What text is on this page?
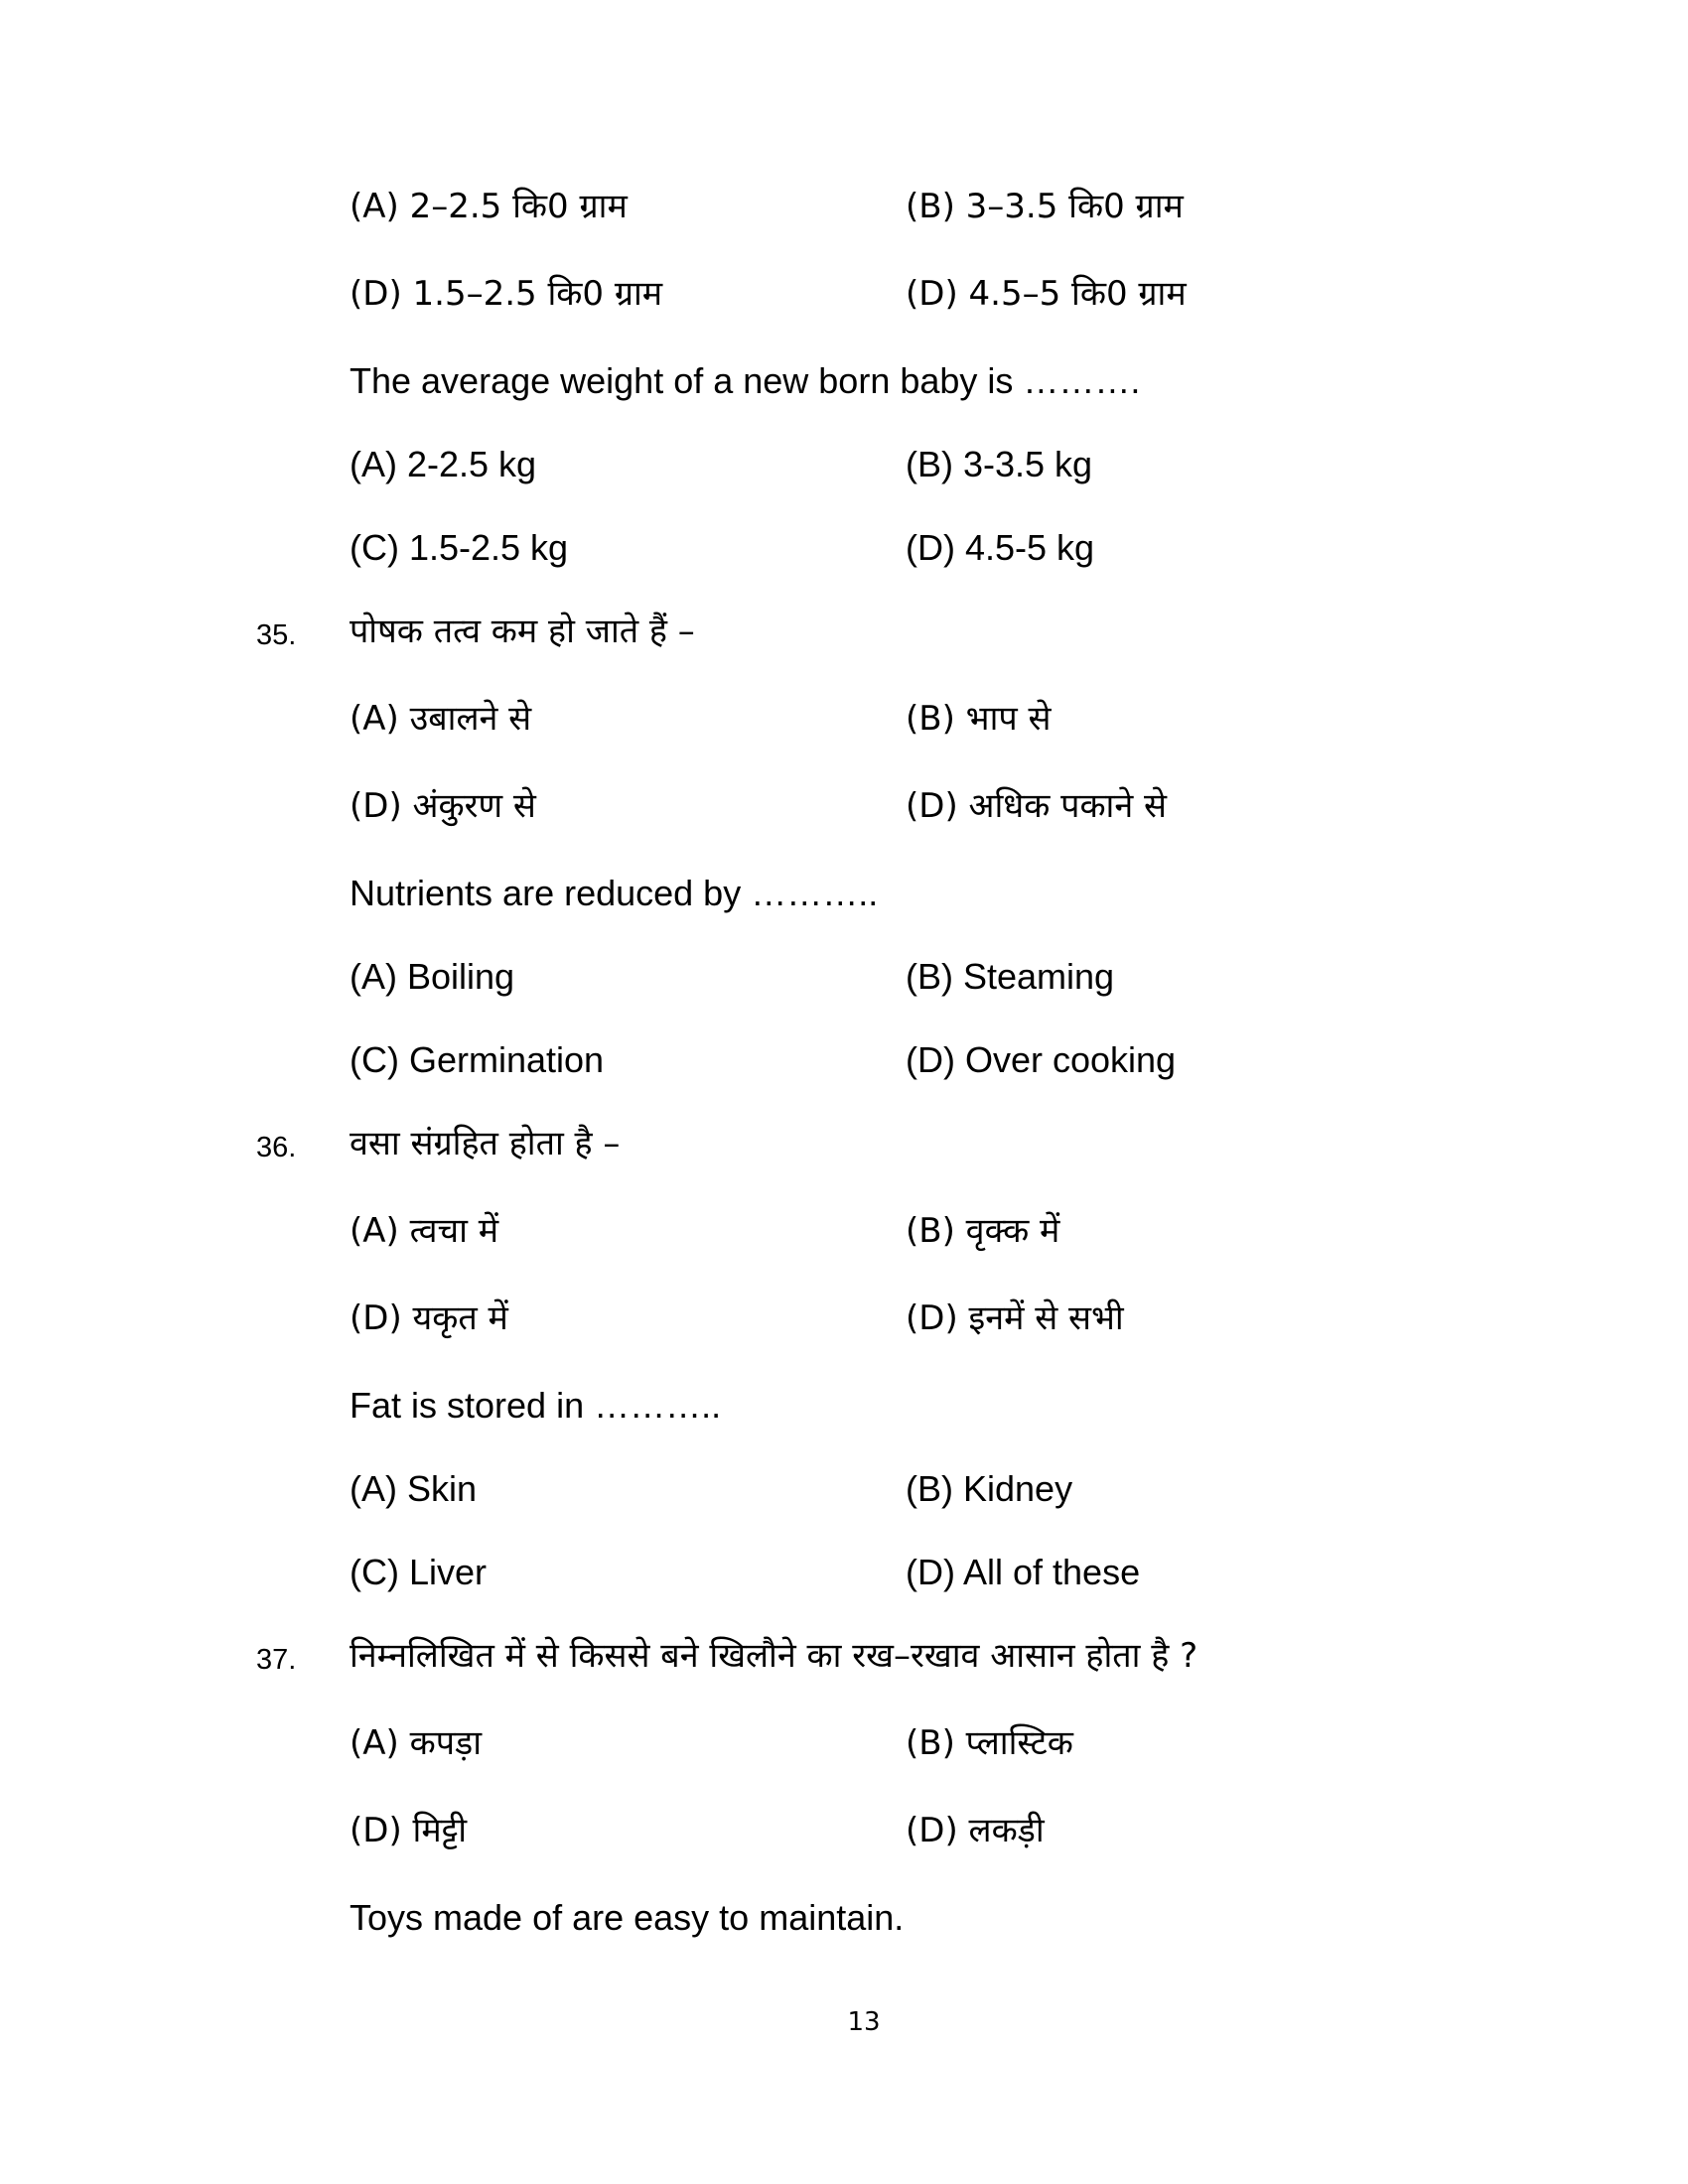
(A) 2–2.5 कि0 ग्राम	(B) 3–3.5 कि0 ग्राम
(D) 1.5–2.5 कि0 ग्राम	(D) 4.5–5 कि0 ग्राम
The average weight of a new born baby is ……….
(A) 2-2.5 kg	(B) 3-3.5 kg
(C) 1.5-2.5 kg	(D) 4.5-5 kg
35. पोषक तत्व कम हो जाते हैं –
(A) उबालने से	(B) भाप से
(D) अंकुरण से	(D) अधिक पकाने से
Nutrients are reduced by ………..
(A) Boiling	(B) Steaming
(C) Germination	(D) Over cooking
36. वसा संग्रहित होता है –
(A) त्वचा में	(B) वृक्क में
(D) यकृत में	(D) इनमें से सभी
Fat is stored in ………..
(A) Skin	(B) Kidney
(C) Liver	(D) All of these
37. निम्नलिखित में से किससे बने खिलौने का रख–रखाव आसान होता है ?
(A) कपड़ा	(B) प्लास्टिक
(D) मिट्टी	(D) लकड़ी
Toys made of are easy to maintain.
13
